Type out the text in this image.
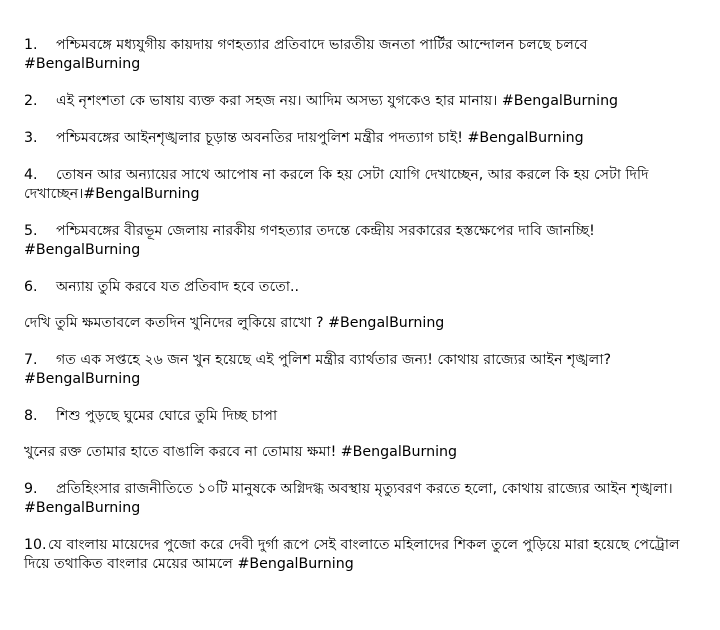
1. পশ্চিমবঙ্গে মধ্যযুগীয় কায়দায় গণহত্যার প্রতিবাদে ভারতীয় জনতা পার্টির আন্দোলন চলছে চলবে #BengalBurning

2. এই নৃশংশতা কে ভাষায় ব্যক্ত করা সহজ নয়। আদিম অসভ্য যুগকেও হার মানায়। #BengalBurning

3. পশ্চিমবঙ্গের আইনশৃঙ্খলার চূড়ান্ত অবনতির দায়পুলিশ মন্ত্রীর পদত্যাগ চাই! #BengalBurning

4. তোষন আর অন্যায়ের সাথে আপোষ না করলে কি হয় সেটা যোগি দেখাচ্ছেন, আর করলে কি হয় সেটা দিদি দেখাচ্ছেন।#BengalBurning

5. পশ্চিমবঙ্গের বীরভূম জেলায় নারকীয় গণহত্যার তদন্তে কেন্দ্রীয় সরকারের হস্তক্ষেপের দাবি জানচ্ছি! #BengalBurning

6. অন্যায় তুমি করবে যত প্রতিবাদ হবে ততো..

দেখি তুমি ক্ষমতাবলে কতদিন খুনিদের লুকিয়ে রাখো ? #BengalBurning

7. গত এক সপ্তহে ২৬ জন খুন হয়েছে এই পুলিশ মন্ত্রীর ব্যার্থতার জন্য! কোথায় রাজ্যের আইন শৃঙ্খলা? #BengalBurning

8. শিশু পুড়ছে ঘুমের ঘোরে তুমি দিচ্ছ চাপা

খুনের রক্ত তোমার হাতে বাঙালি করবে না তোমায় ক্ষমা! #BengalBurning

9. প্রতিহিংসার রাজনীতিতে ১০টি মানুষকে অগ্নিদগ্ধ অবস্থায় মৃত্যুবরণ করতে হলো, কোথায় রাজ্যের আইন শৃঙ্খলা। #BengalBurning

10.যে বাংলায় মায়েদের পুজো করে দেবী দুর্গা রূপে সেই বাংলাতে মহিলাদের শিকল তুলে পুড়িয়ে মারা হয়েছে পেট্রোল দিয়ে তথাকিত বাংলার মেয়ের আমলে #BengalBurning
